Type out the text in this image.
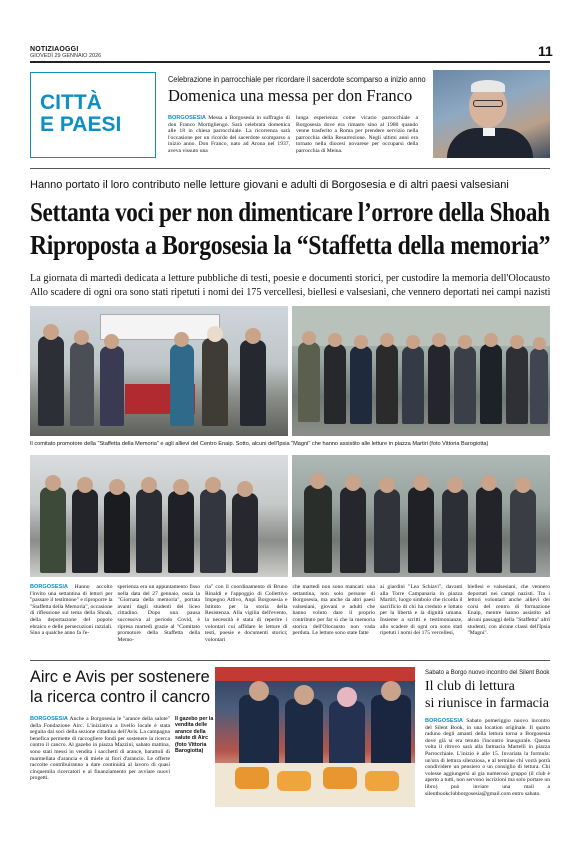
NOTIZIAOGGI
GIOVEDÌ 29 GENNAIO 2026	11
CITTÀ
E PAESI
Celebrazione in parrocchiale per ricordare il sacerdote scomparso a inizio anno
Domenica una messa per don Franco
BORGOSESIA Messa a Borgosesia in suffragio di don Franco Mortigliengo. Sarà celebrata domenica alle 18 in chiesa parrocchiale. La ricorrenza sarà l'occasione per un ricordo del sacerdote scomparso a inizio anno. Don Franco, nato ad Arona nel 1937, aveva vissuto una
lunga esperienza come vicario parrocchiale a Borgosesia dove era rimasto sino al 1980 quando venne trasferito a Roma per prendere servizio nella parrocchia della Resurrezione. Negli ultimi anni era tornato nella diocesi novarese per occuparsi della parrocchia di Meina.
Hanno portato il loro contributo nelle letture giovani e adulti di Borgosesia e di altri paesi valsesiani
Settanta voci per non dimenticare l’orrore della Shoah
Riproposta a Borgosesia la “Staffetta della memoria”
La giornata di martedì dedicata a letture pubbliche di testi, poesie e documenti storici, per custodire la memoria dell'Olocausto
Allo scadere di ogni ora sono stati ripetuti i nomi dei 175 vercellesi, biellesi e valsesiani, che vennero deportati nei campi nazisti
Il comitato promotore della "Staffetta della Memoria" e agli allievi del Centro Enaip. Sotto, alcuni dell'Ipsia "Magni" che hanno assistito alle letture in piazza Martiri (foto Vittoria Barogiotta)
BORGOSESIA Hanno accolto l'invito una settantina di lettori per "passare il testimone" e riproporre la "Staffetta della Memoria", occasione di riflessione sul tema della Shoah, della deportazione del popolo ebraico e delle persecuzioni razziali. Sino a qualche anno fa l'e-
sperienza era un appuntamento fisso nella data del 27 gennaio, ossia la "Giornata della memoria", portata avanti dagli studenti del liceo cittadino. Dopo una pausa successiva al periodo Covid, è ripresa martedì grazie al "Comitato promotore della Staffetta della Memo-
ria" con il coordinamento di Bruno Rinaldi e l'appoggio di Collettivo Impegno Attivo, Anpi Borgosesia e Istituto per la storia della Resistenza. Alla vigilia dell'evento, la necessità è stata di reperire i volontari cui affidare le letture di testi, poesie e documenti storici; volontari
che martedì non sono mancati: una settantina, non solo persone di Borgosesia, ma anche da altri paesi valsesiani, giovani e adulti che hanno voluto dare il proprio contributo per far sì che la memoria storica dell'Olocausto non vada perduta. Le letture sono state fatte
ai giardini "Lea Schiavi", davanti alla Torre Campanaria in piazza Martiri, luogo simbolo che ricorda il sacrificio di chi ha creduto e lottato per la libertà e la dignità umana. Insieme a scritti e testimonianze, allo scadere di ogni ora sono stati ripetuti i nomi dei 175 vercellesi,
Airc e Avis per sostenere
la ricerca contro il cancro
BORGOSESIA Anche a Borgosesia le "arance della salute" della Fondazione Airc. L'iniziativa a livello locale è stata seguita dai soci della sezione cittadina dell'Avis. La campagna benefica permette di raccogliere fondi per sostenere la ricerca contro il cancro. Al gazebo in piazza Mazzini, sabato mattina, sono stati messi in vendita i sacchetti di arance, barattoli di marmellata d'arancia e di miele ai fiori d'arancio. Le offerte raccolte contribuiranno a dare continuità al lavoro di quasi cinquemila ricercatori e al finanziamento per avviare nuovi progetti.
Il gazebo per la vendita delle arance della salute di Airc (foto Vittoria Barogiotta)
Sabato a Borgo nuovo incontro del Silent Book
Il club di lettura
si riunisce in farmacia
BORGOSESIA Sabato pomeriggio nuovo incontro del Silent Book, in una location originale. Il quarto raduno degli amanti della lettura torna a Borgosesia dove già si era tenuto l'incontro inaugurale. Questa volta il ritrovo sarà alla farmacia Martelli in piazza Parrocchiale. L'inizio è alle 15. Invariata la formula: un'ora di lettura silenziosa, e al termine chi vorrà potrà condividere un pensiero o un consiglio di lettura. Chi volesse aggiungersi al gia numeroso gruppo (il club è aperto a tutti, non servono iscrizioni ma solo portare un libro) può inviare una mail a silentbookclubborgosesia@gmail.com entro sabato.
biellesi e valsesiani, che vennero deportati nei campi nazisti. Tra i lettori volontari anche allievi dei corsi del centro di formazione Enaip, mentre hanno assistito ad alcuni passaggi della "Staffetta" altri studenti, con alcune classi dell'Ipsia "Magni".
